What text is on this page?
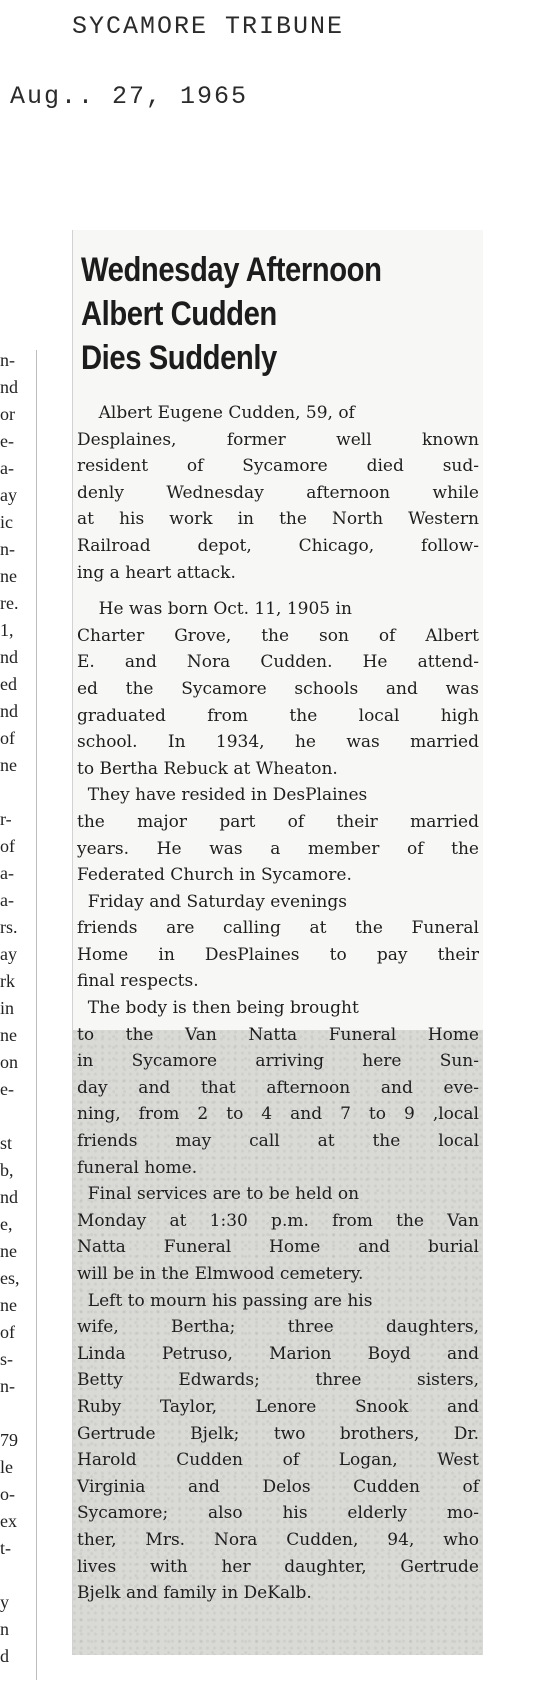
SYCAMORE TRIBUNE
Aug.. 27, 1965
n-
nd
or
e-
a-
ay
ic
n-
ne
re.
1,
nd
ed
nd
of
ne
r-
of
a-
a-
rs.
ay
rk
in
ne
on
e-
st
b,
nd
e,
ne
es,
ne
of
s-
n-
79
le
o-
ex
t-
y
n
d
Wednesday Afternoon
Albert Cudden
Dies Suddenly
Albert Eugene Cudden, 59, of
Desplaines, former well known
resident of Sycamore died sud-
denly Wednesday afternoon while
at his work in the North Western
Railroad depot, Chicago, follow-
ing a heart attack.
He was born Oct. 11, 1905 in
Charter Grove, the son of Albert
E. and Nora Cudden. He attend-
ed the Sycamore schools and was
graduated from the local high
school. In 1934, he was married
to Bertha Rebuck at Wheaton.
They have resided in DesPlaines
the major part of their married
years. He was a member of the
Federated Church in Sycamore.
Friday and Saturday evenings
friends are calling at the Funeral
Home in DesPlaines to pay their
final respects.
The body is then being brought
to the Van Natta Funeral Home
in Sycamore arriving here Sun-
day and that afternoon and eve-
ning, from 2 to 4 and 7 to 9 ,local
friends may call at the local
funeral home.
Final services are to be held on
Monday at 1:30 p.m. from the Van
Natta Funeral Home and burial
will be in the Elmwood cemetery.
Left to mourn his passing are his
wife, Bertha; three daughters,
Linda Petruso, Marion Boyd and
Betty Edwards; three sisters,
Ruby Taylor, Lenore Snook and
Gertrude Bjelk; two brothers, Dr.
Harold Cudden of Logan, West
Virginia and Delos Cudden of
Sycamore; also his elderly mo-
ther, Mrs. Nora Cudden, 94, who
lives with her daughter, Gertrude
Bjelk and family in DeKalb.
